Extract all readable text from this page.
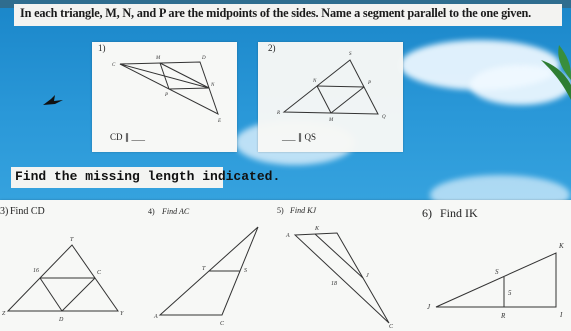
In each triangle, M, N, and P are the midpoints of the sides. Name a segment parallel to the one given.
1)
C
M	D
N
P
E
CD ∥ ___
2)
S
N	P
R
M
Q
___ ∥ QS
Find the missing length indicated.
3) Find CD
T
16	C
Z
D
Y
4) Find AC
T	S
A
C
5) Find KJ
K
A
J
18
C
6) Find IK
K
S
5
J
R	I
